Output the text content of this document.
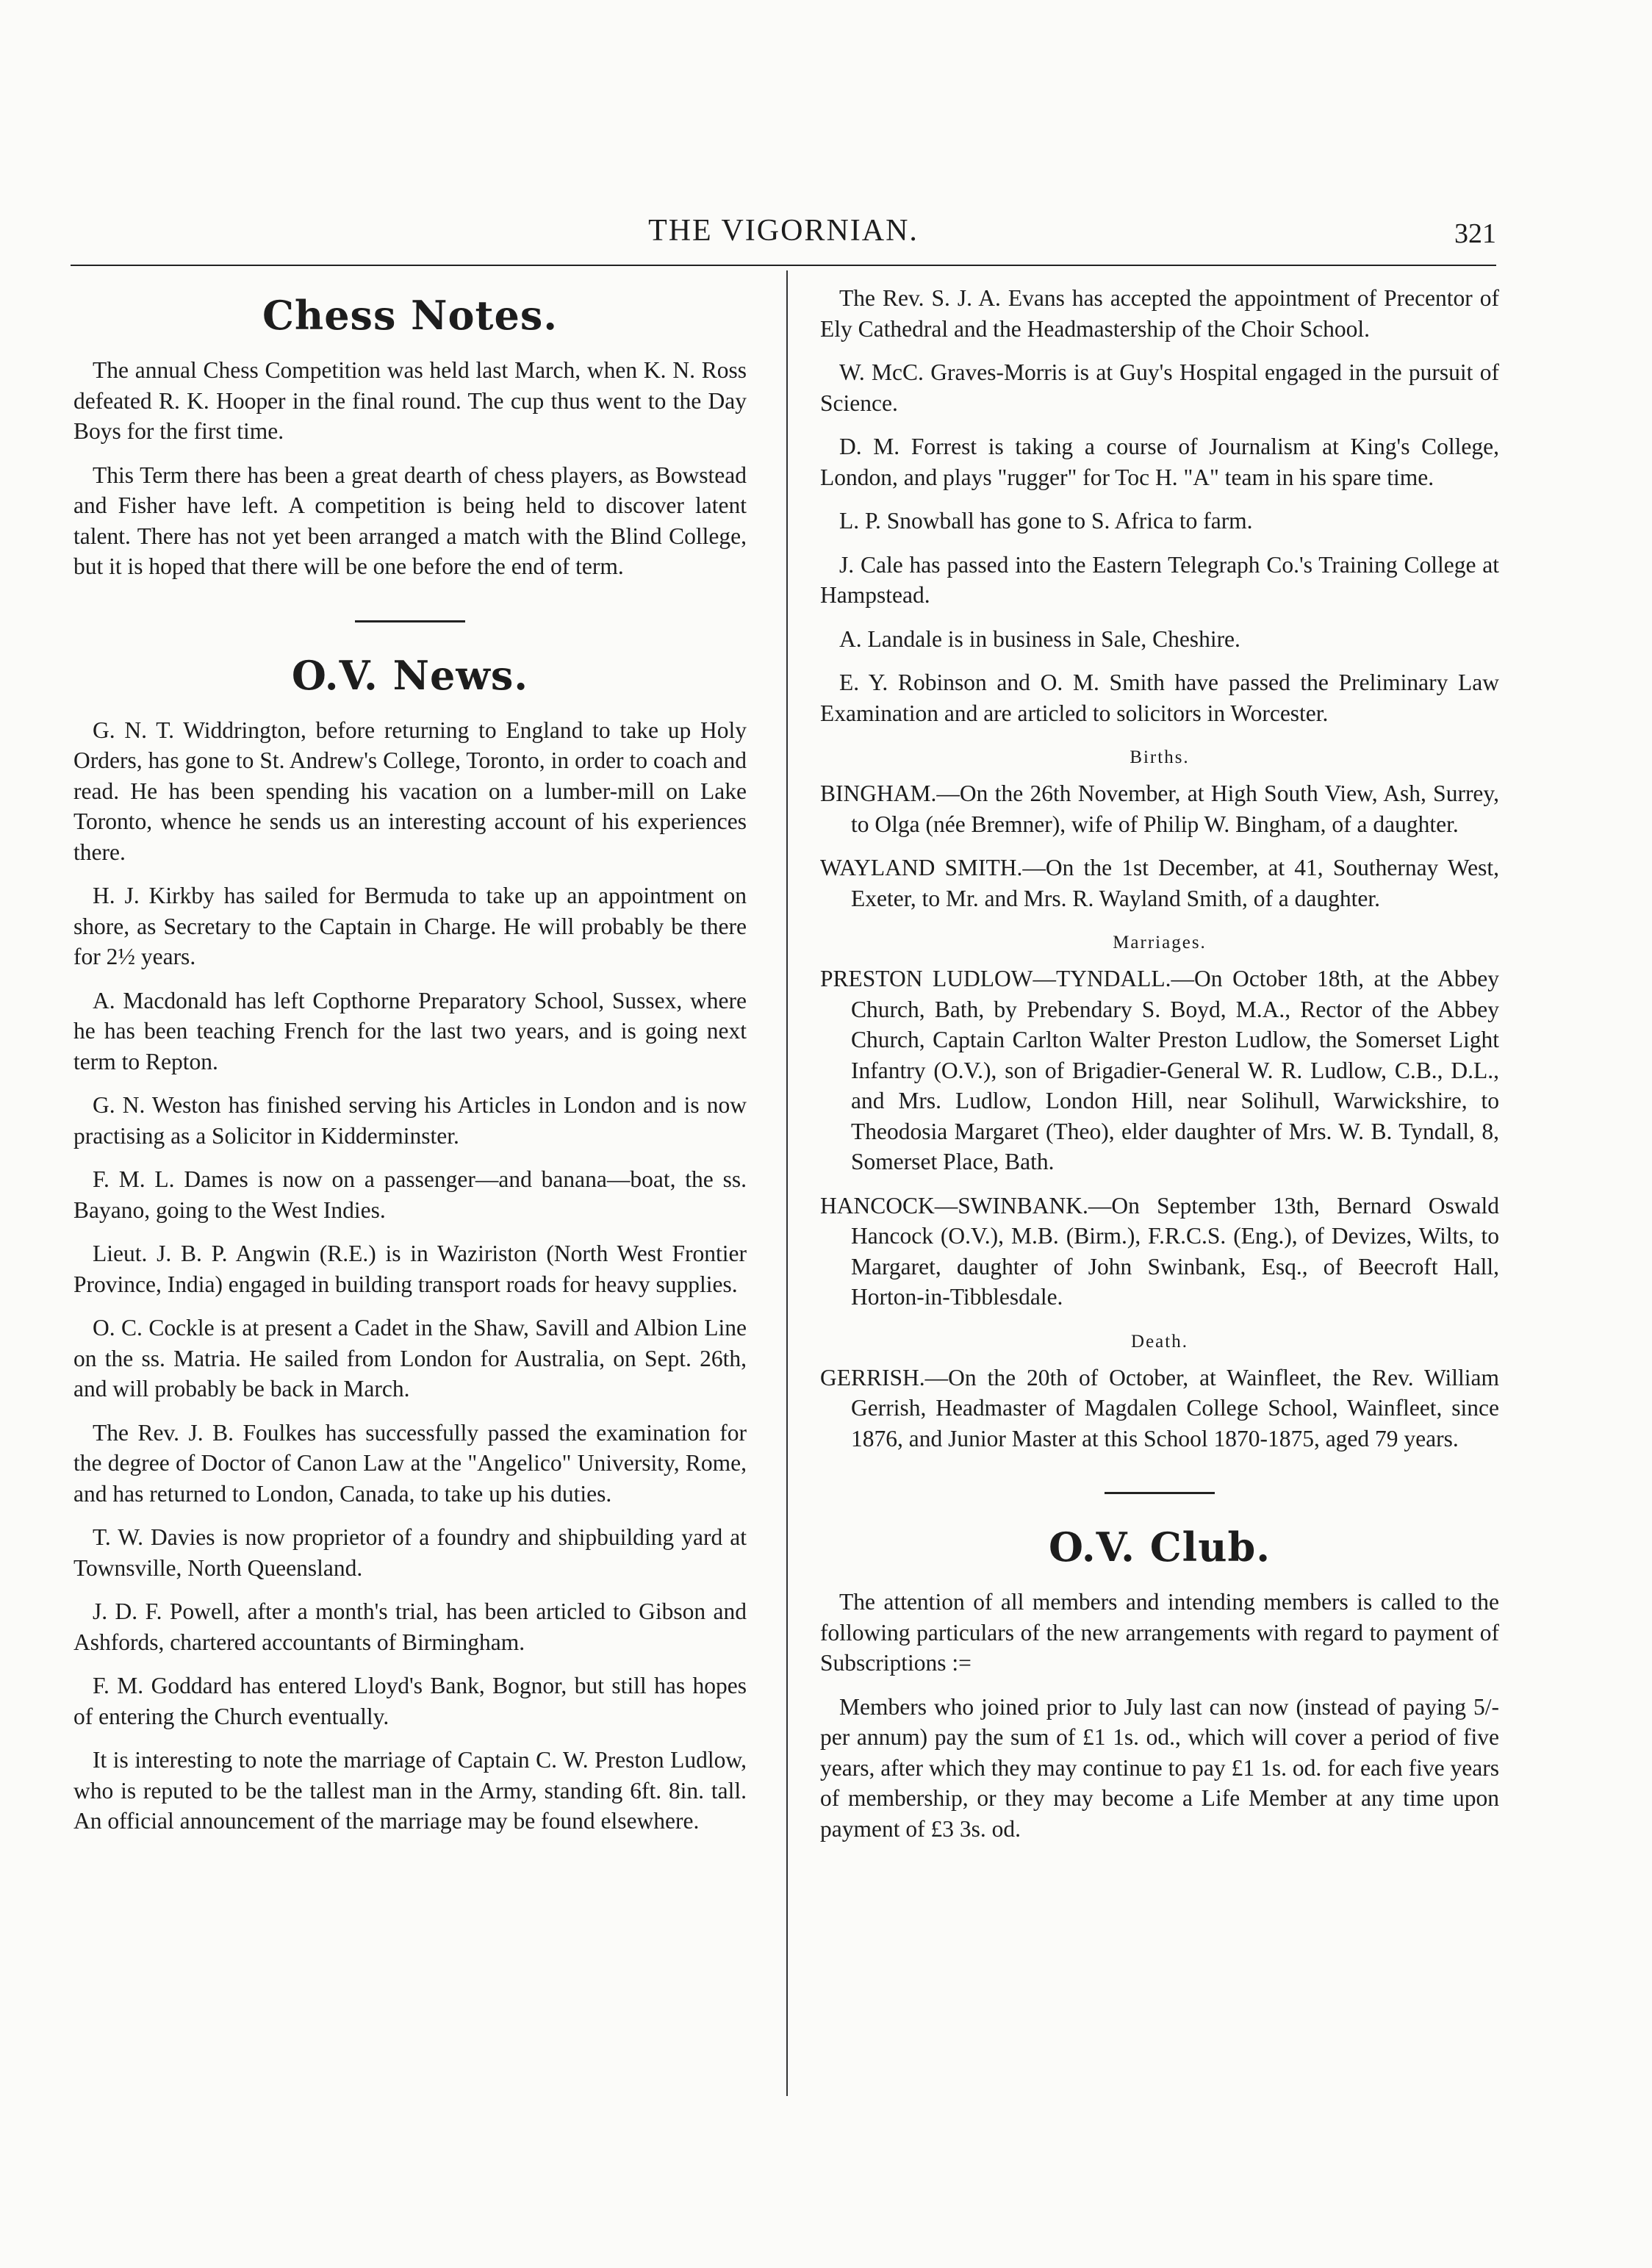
THE VIGORNIAN.	321
Chess Notes.

The annual Chess Competition was held last March, when K. N. Ross defeated R. K. Hooper in the final round. The cup thus went to the Day Boys for the first time.

This Term there has been a great dearth of chess players, as Bowstead and Fisher have left. A competition is being held to discover latent talent. There has not yet been arranged a match with the Blind College, but it is hoped that there will be one before the end of term.

O.V. News.

G. N. T. Widdrington, before returning to England to take up Holy Orders, has gone to St. Andrew's College, Toronto, in order to coach and read. He has been spending his vacation on a lumber-mill on Lake Toronto, whence he sends us an interesting account of his experiences there.

H. J. Kirkby has sailed for Bermuda to take up an appointment on shore, as Secretary to the Captain in Charge. He will probably be there for 2½ years.

A. Macdonald has left Copthorne Preparatory School, Sussex, where he has been teaching French for the last two years, and is going next term to Repton.

G. N. Weston has finished serving his Articles in London and is now practising as a Solicitor in Kidderminster.

F. M. L. Dames is now on a passenger—and banana—boat, the ss. Bayano, going to the West Indies.

Lieut. J. B. P. Angwin (R.E.) is in Waziriston (North West Frontier Province, India) engaged in building transport roads for heavy supplies.

O. C. Cockle is at present a Cadet in the Shaw, Savill and Albion Line on the ss. Matria. He sailed from London for Australia, on Sept. 26th, and will probably be back in March.

The Rev. J. B. Foulkes has successfully passed the examination for the degree of Doctor of Canon Law at the "Angelico" University, Rome, and has returned to London, Canada, to take up his duties.

T. W. Davies is now proprietor of a foundry and shipbuilding yard at Townsville, North Queensland.

J. D. F. Powell, after a month's trial, has been articled to Gibson and Ashfords, chartered accountants of Birmingham.

F. M. Goddard has entered Lloyd's Bank, Bognor, but still has hopes of entering the Church eventually.

It is interesting to note the marriage of Captain C. W. Preston Ludlow, who is reputed to be the tallest man in the Army, standing 6ft. 8in. tall. An official announcement of the marriage may be found elsewhere.

The Rev. S. J. A. Evans has accepted the appointment of Precentor of Ely Cathedral and the Headmastership of the Choir School.

W. McC. Graves-Morris is at Guy's Hospital engaged in the pursuit of Science.

D. M. Forrest is taking a course of Journalism at King's College, London, and plays "rugger" for Toc H. "A" team in his spare time.

L. P. Snowball has gone to S. Africa to farm.

J. Cale has passed into the Eastern Telegraph Co.'s Training College at Hampstead.

A. Landale is in business in Sale, Cheshire.

E. Y. Robinson and O. M. Smith have passed the Preliminary Law Examination and are articled to solicitors in Worcester.

Births.

BINGHAM.—On the 26th November, at High South View, Ash, Surrey, to Olga (née Bremner), wife of Philip W. Bingham, of a daughter.

WAYLAND SMITH.—On the 1st December, at 41, Southernay West, Exeter, to Mr. and Mrs. R. Wayland Smith, of a daughter.

Marriages.

PRESTON LUDLOW—TYNDALL.—On October 18th, at the Abbey Church, Bath, by Prebendary S. Boyd, M.A., Rector of the Abbey Church, Captain Carlton Walter Preston Ludlow, the Somerset Light Infantry (O.V.), son of Brigadier-General W. R. Ludlow, C.B., D.L., and Mrs. Ludlow, London Hill, near Solihull, Warwickshire, to Theodosia Margaret (Theo), elder daughter of Mrs. W. B. Tyndall, 8, Somerset Place, Bath.

HANCOCK—SWINBANK.—On September 13th, Bernard Oswald Hancock (O.V.), M.B. (Birm.), F.R.C.S. (Eng.), of Devizes, Wilts, to Margaret, daughter of John Swinbank, Esq., of Beecroft Hall, Horton-in-Tibblesdale.

Death.

GERRISH.—On the 20th of October, at Wainfleet, the Rev. William Gerrish, Headmaster of Magdalen College School, Wainfleet, since 1876, and Junior Master at this School 1870-1875, aged 79 years.

O.V. Club.

The attention of all members and intending members is called to the following particulars of the new arrangements with regard to payment of Subscriptions :=

Members who joined prior to July last can now (instead of paying 5/- per annum) pay the sum of £1 1s. od., which will cover a period of five years, after which they may continue to pay £1 1s. od. for each five years of membership, or they may become a Life Member at any time upon payment of £3 3s. od.
